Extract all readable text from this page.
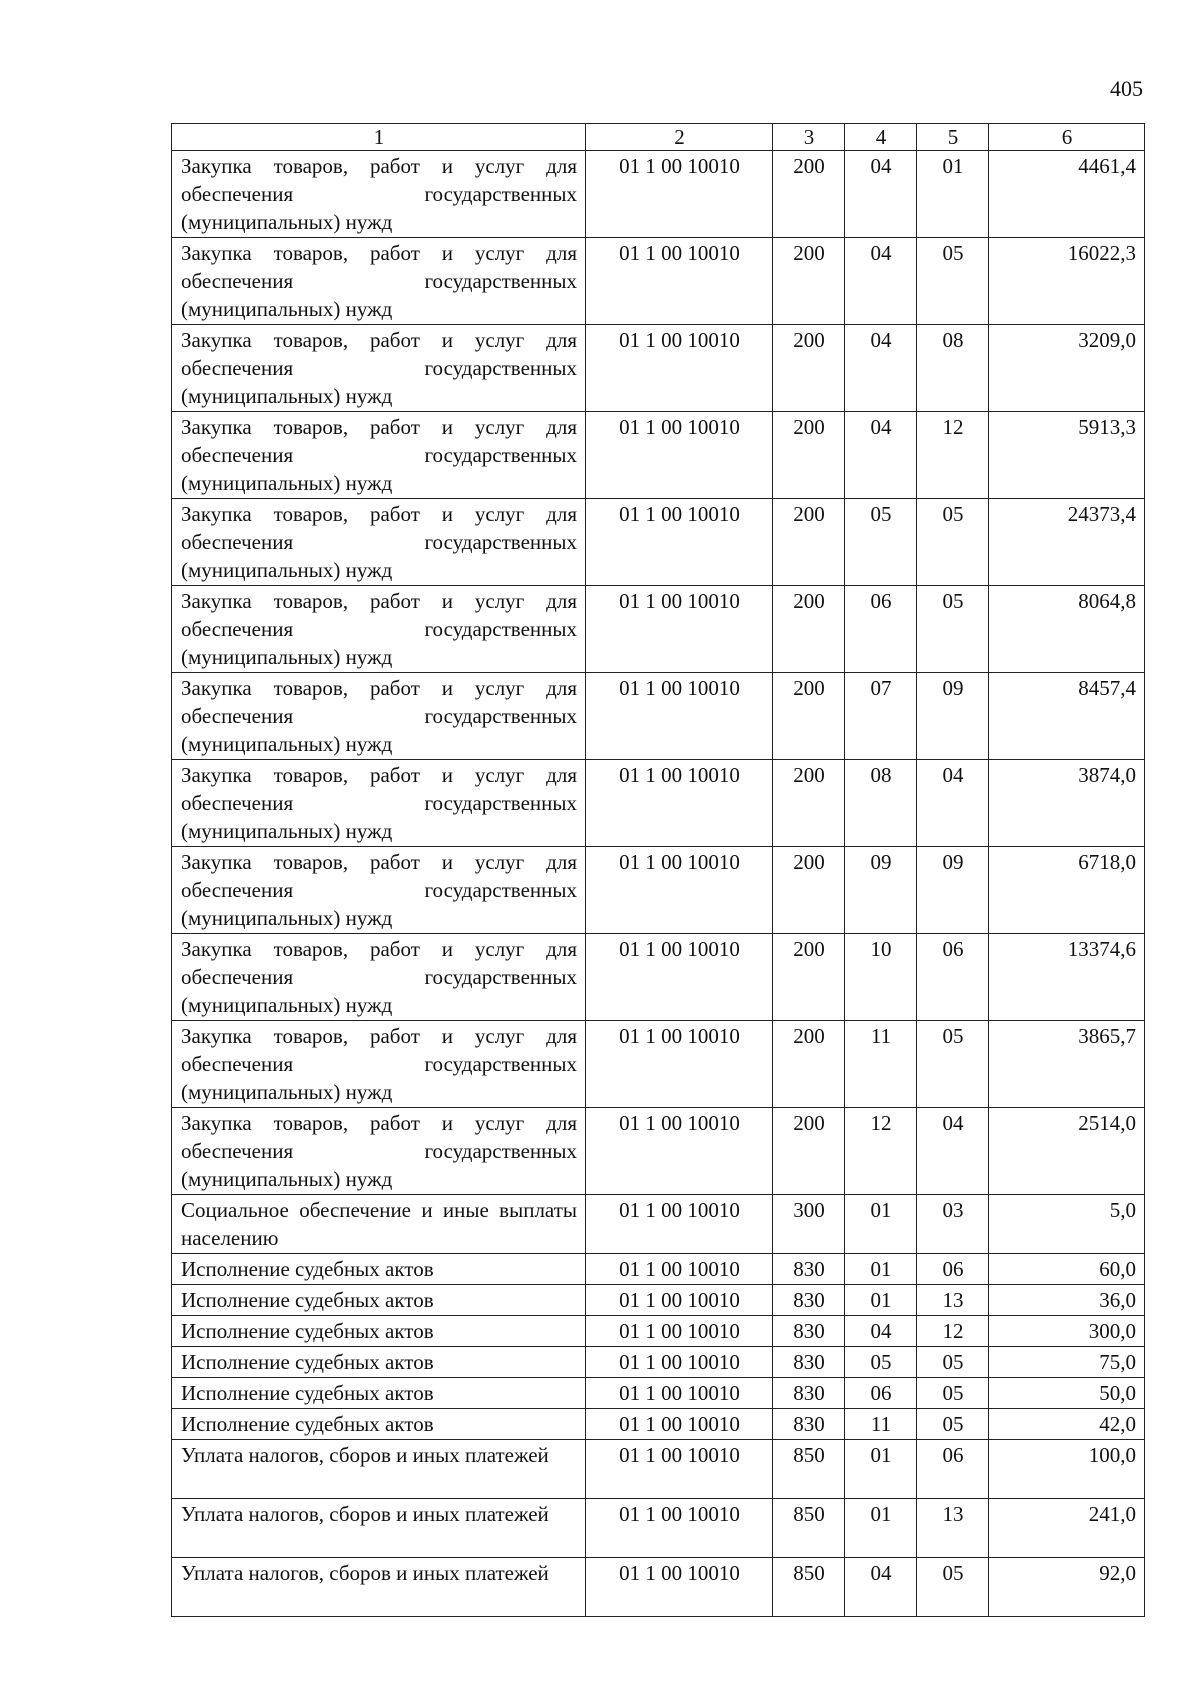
405
1	2	3	4	5	6
Закупка товаров, работ и услуг для обеспечения государственных (муниципальных) нужд	01 1 00 10010	200	04	01	4461,4
Закупка товаров, работ и услуг для обеспечения государственных (муниципальных) нужд	01 1 00 10010	200	04	05	16022,3
Закупка товаров, работ и услуг для обеспечения государственных (муниципальных) нужд	01 1 00 10010	200	04	08	3209,0
Закупка товаров, работ и услуг для обеспечения государственных (муниципальных) нужд	01 1 00 10010	200	04	12	5913,3
Закупка товаров, работ и услуг для обеспечения государственных (муниципальных) нужд	01 1 00 10010	200	05	05	24373,4
Закупка товаров, работ и услуг для обеспечения государственных (муниципальных) нужд	01 1 00 10010	200	06	05	8064,8
Закупка товаров, работ и услуг для обеспечения государственных (муниципальных) нужд	01 1 00 10010	200	07	09	8457,4
Закупка товаров, работ и услуг для обеспечения государственных (муниципальных) нужд	01 1 00 10010	200	08	04	3874,0
Закупка товаров, работ и услуг для обеспечения государственных (муниципальных) нужд	01 1 00 10010	200	09	09	6718,0
Закупка товаров, работ и услуг для обеспечения государственных (муниципальных) нужд	01 1 00 10010	200	10	06	13374,6
Закупка товаров, работ и услуг для обеспечения государственных (муниципальных) нужд	01 1 00 10010	200	11	05	3865,7
Закупка товаров, работ и услуг для обеспечения государственных (муниципальных) нужд	01 1 00 10010	200	12	04	2514,0
Социальное обеспечение и иные выплаты населению	01 1 00 10010	300	01	03	5,0
Исполнение судебных актов	01 1 00 10010	830	01	06	60,0
Исполнение судебных актов	01 1 00 10010	830	01	13	36,0
Исполнение судебных актов	01 1 00 10010	830	04	12	300,0
Исполнение судебных актов	01 1 00 10010	830	05	05	75,0
Исполнение судебных актов	01 1 00 10010	830	06	05	50,0
Исполнение судебных актов	01 1 00 10010	830	11	05	42,0
Уплата налогов, сборов и иных платежей	01 1 00 10010	850	01	06	100,0
Уплата налогов, сборов и иных платежей	01 1 00 10010	850	01	13	241,0
Уплата налогов, сборов и иных платежей	01 1 00 10010	850	04	05	92,0
